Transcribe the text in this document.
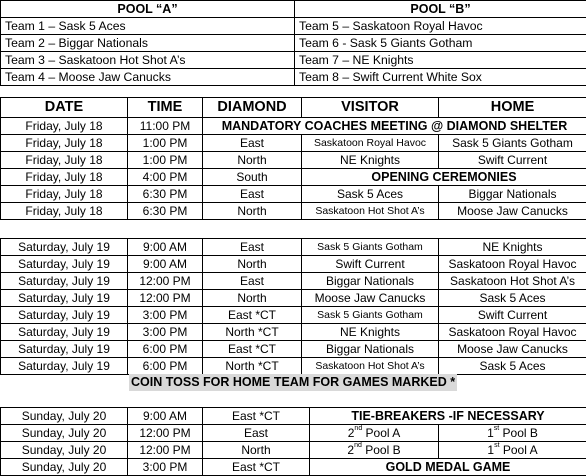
POOL “A”	POOL “B”
Team 1 – Sask 5 Aces	Team 5 – Saskatoon Royal Havoc
Team 2 – Biggar Nationals	Team 6 - Sask 5 Giants Gotham
Team 3 – Saskatoon Hot Shot A’s	Team 7 – NE Knights
Team 4 – Moose Jaw Canucks	Team 8 – Swift Current White Sox
DATE	TIME	DIAMOND	VISITOR	HOME
Friday, July 18	11:00 PM	MANDATORY COACHES MEETING @ DIAMOND SHELTER		
Friday, July 18	1:00 PM	East	Saskatoon Royal Havoc	Sask 5 Giants Gotham
Friday, July 18	1:00 PM	North	NE Knights	Swift Current
Friday, July 18	4:00 PM	South	OPENING CEREMONIES	
Friday, July 18	6:30 PM	East	Sask 5 Aces	Biggar Nationals
Friday, July 18	6:30 PM	North	Saskatoon Hot Shot A’s	Moose Jaw Canucks

Saturday, July 19	9:00 AM	East	Sask 5 Giants Gotham	NE Knights
Saturday, July 19	9:00 AM	North	Swift Current	Saskatoon Royal Havoc
Saturday, July 19	12:00 PM	East	Biggar Nationals	Saskatoon Hot Shot A’s
Saturday, July 19	12:00 PM	North	Moose Jaw Canucks	Sask 5 Aces
Saturday, July 19	3:00 PM	East *CT	Sask 5 Giants Gotham	Swift Current
Saturday, July 19	3:00 PM	North *CT	NE Knights	Saskatoon Royal Havoc
Saturday, July 19	6:00 PM	East *CT	Biggar Nationals	Moose Jaw Canucks
Saturday, July 19	6:00 PM	North *CT	Saskatoon Hot Shot A’s	Sask 5 Aces
COIN TOSS FOR HOME TEAM FOR GAMES MARKED *
Sunday, July 20	9:00 AM	East *CT	TIE-BREAKERS -IF NECESSARY	
Sunday, July 20	12:00 PM	East	2nd Pool A	1st Pool B
Sunday, July 20	12:00 PM	North	2nd Pool B	1st Pool A
Sunday, July 20	3:00 PM	East *CT	GOLD MEDAL GAME	
